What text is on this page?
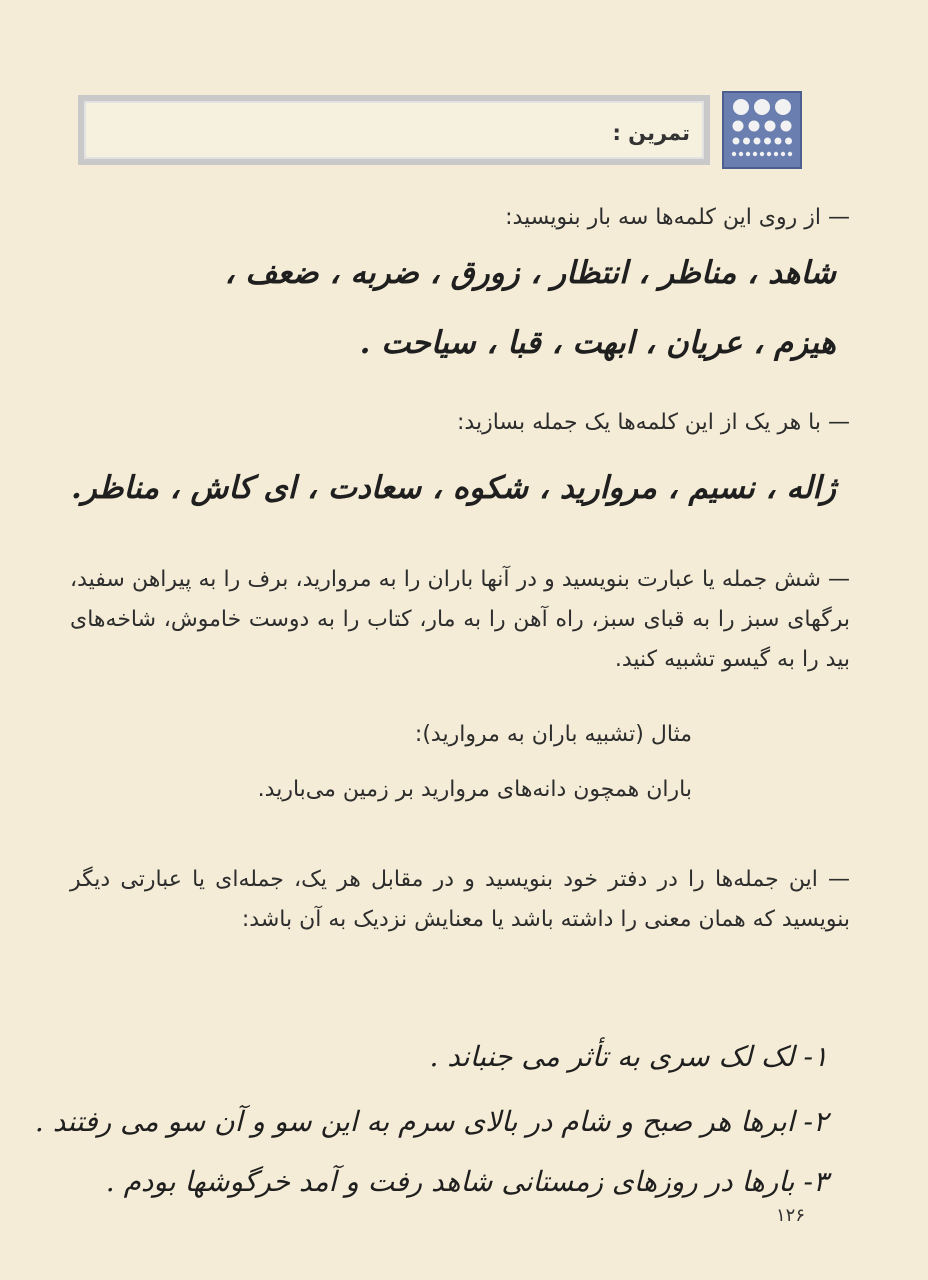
تمرین :
— از روی این کلمه‌ها سه بار بنویسید:
شاهد ، مناظر ، انتظار ، زورق ، ضربه ، ضعف ،
هیزم ، عریان ، ابهت ، قبا ، سیاحت .
— با هر یک از این کلمه‌ها یک جمله بسازید:
ژاله ، نسیم ، مروارید ، شکوه ، سعادت ، ای کاش ، مناظر.
— شش جمله یا عبارت بنویسید و در آنها باران را به مروارید، برف را به پیراهن سفید، برگهای سبز را به قبای سبز، راه آهن را به مار، کتاب را به دوست خاموش، شاخه‌های بید را به گیسو تشبیه کنید.
مثال (تشبیه باران به مروارید):
باران همچون دانه‌های مروارید بر زمین می‌بارید.
— این جمله‌ها را در دفتر خود بنویسید و در مقابل هر یک، جمله‌ای یا عبارتی دیگر بنویسید که همان معنی را داشته باشد یا معنایش نزدیک به آن باشد:
۱- لک لک سری به تأثر می جنباند .
۲- ابرها هر صبح و شام در بالای سرم به این سو و آن سو می رفتند .
۳- بارها در روزهای زمستانی شاهد رفت و آمد خرگوشها بودم .
۱۲۶
